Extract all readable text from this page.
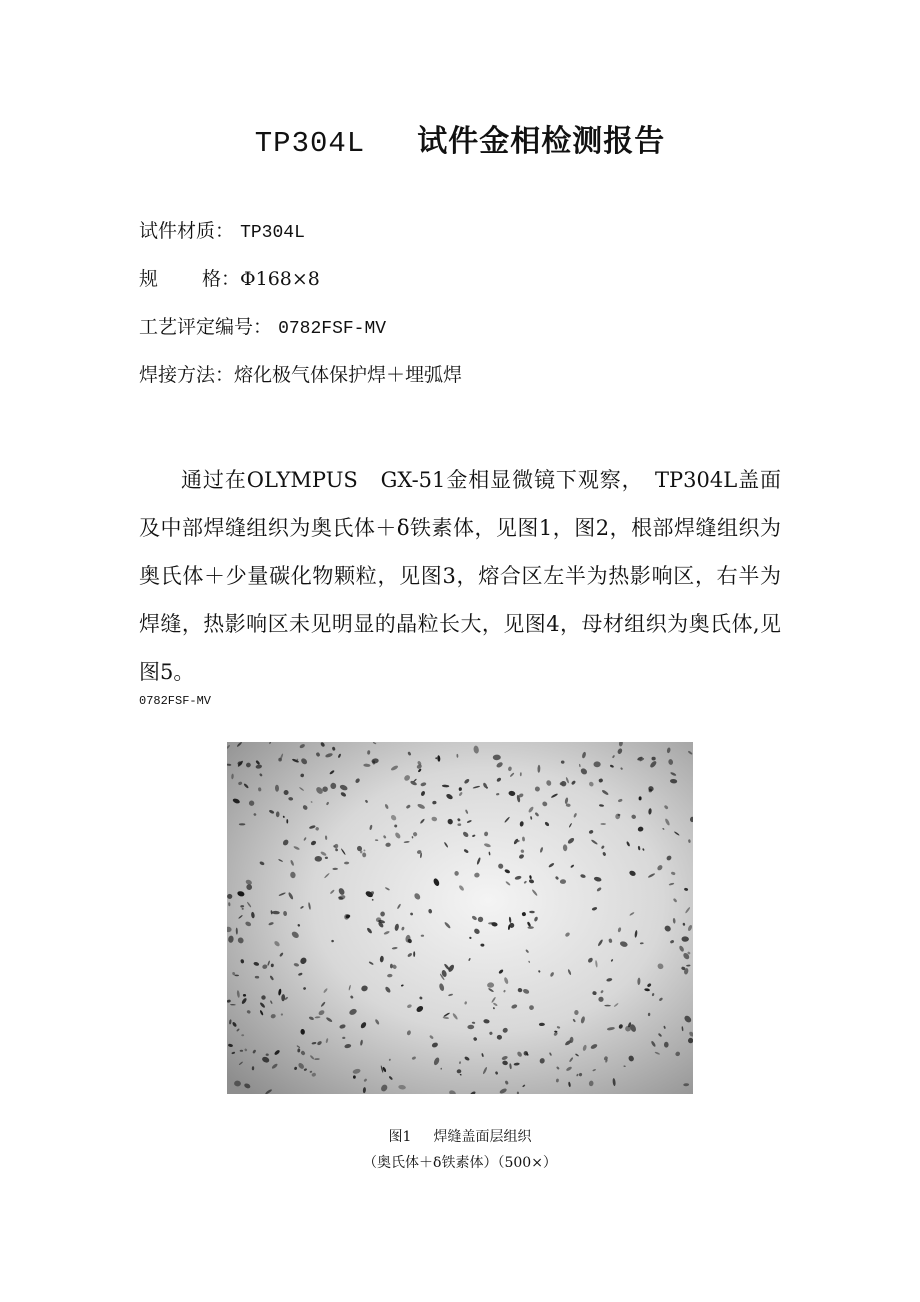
TP304L 试件金相检测报告
试件材质： TP304L
规 格：Φ168×8
工艺评定编号： 0782FSF-MV
焊接方法：熔化极气体保护焊＋埋弧焊

通过在OLYMPUS　GX-51金相显微镜下观察，　TP304L盖面及中部焊缝组织为奥氏体＋δ铁素体，见图1，图2，根部焊缝组织为奥氏体＋少量碳化物颗粒，见图3，熔合区左半为热影响区，右半为焊缝，热影响区未见明显的晶粒长大，见图4，母材组织为奥氏体,见图5。

0782FSF-MV
图1 焊缝盖面层组织
（奥氏体＋δ铁素体）（500×）
